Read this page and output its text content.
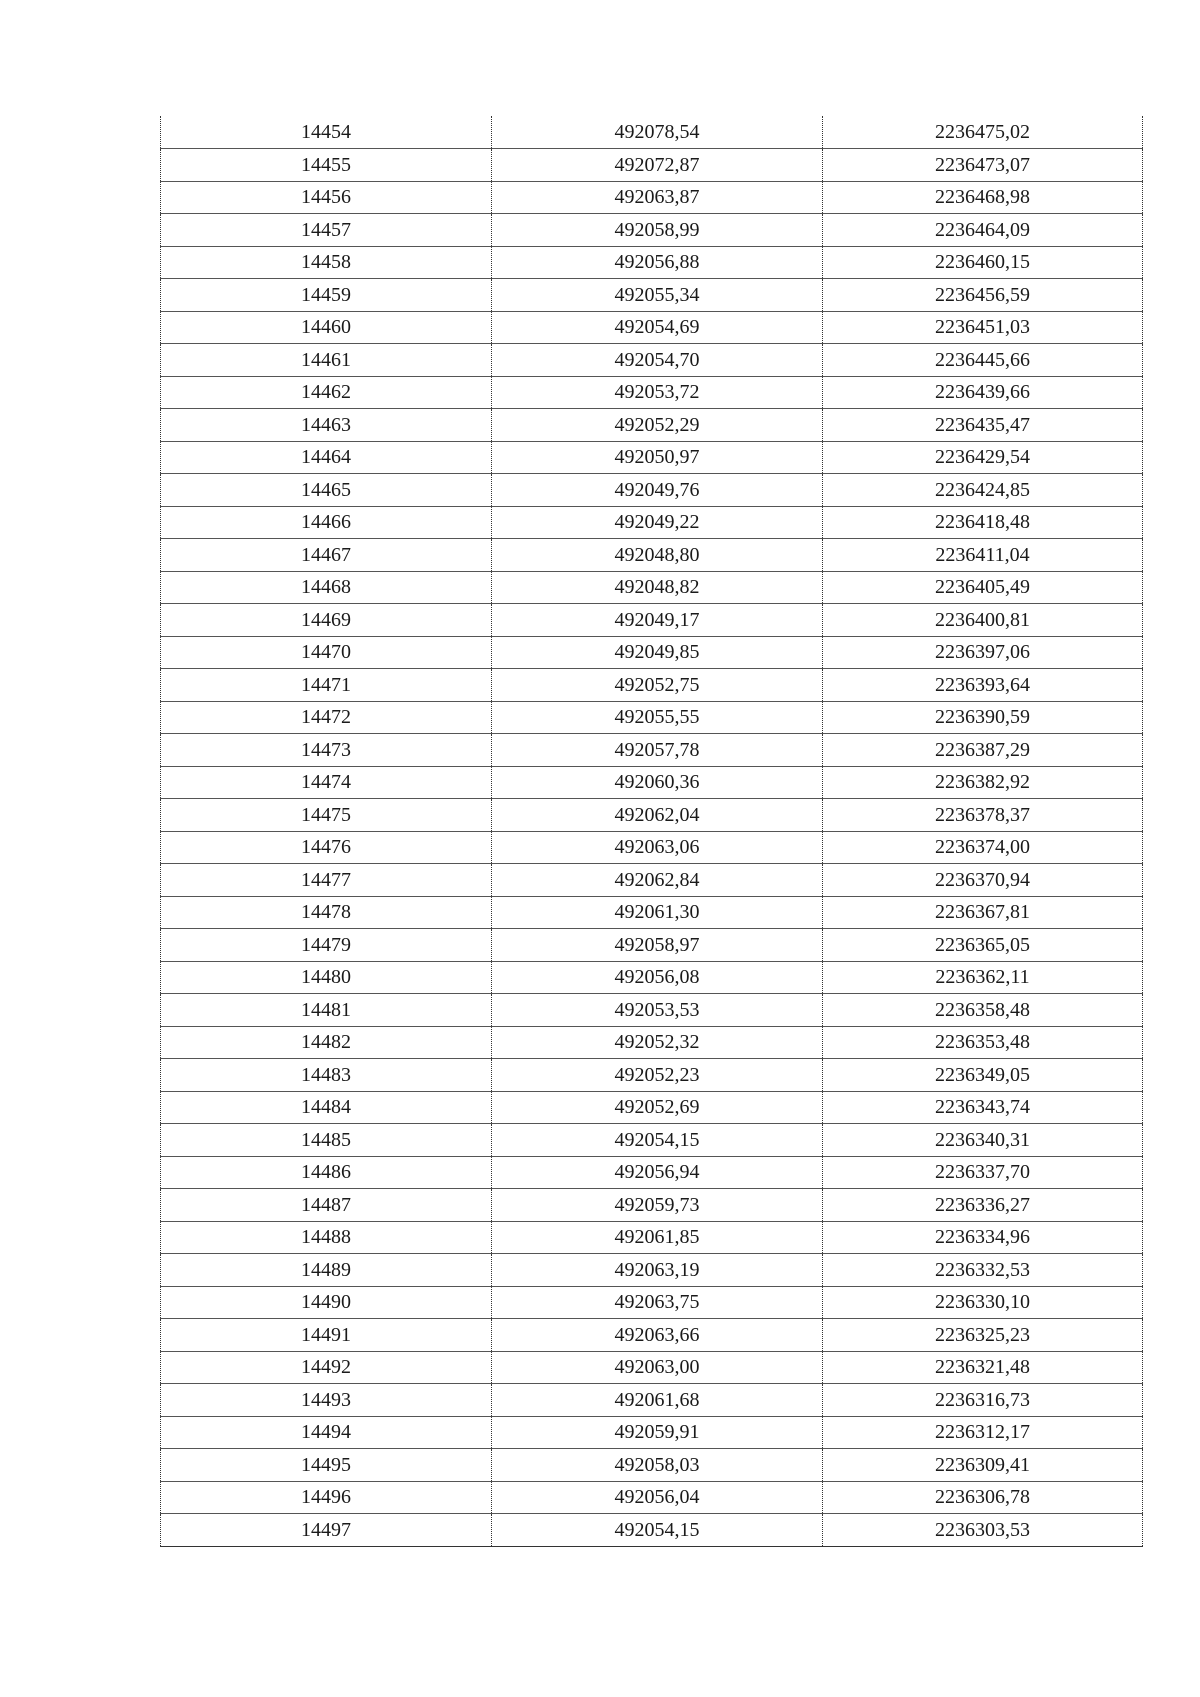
14454	492078,54	2236475,02
14455	492072,87	2236473,07
14456	492063,87	2236468,98
14457	492058,99	2236464,09
14458	492056,88	2236460,15
14459	492055,34	2236456,59
14460	492054,69	2236451,03
14461	492054,70	2236445,66
14462	492053,72	2236439,66
14463	492052,29	2236435,47
14464	492050,97	2236429,54
14465	492049,76	2236424,85
14466	492049,22	2236418,48
14467	492048,80	2236411,04
14468	492048,82	2236405,49
14469	492049,17	2236400,81
14470	492049,85	2236397,06
14471	492052,75	2236393,64
14472	492055,55	2236390,59
14473	492057,78	2236387,29
14474	492060,36	2236382,92
14475	492062,04	2236378,37
14476	492063,06	2236374,00
14477	492062,84	2236370,94
14478	492061,30	2236367,81
14479	492058,97	2236365,05
14480	492056,08	2236362,11
14481	492053,53	2236358,48
14482	492052,32	2236353,48
14483	492052,23	2236349,05
14484	492052,69	2236343,74
14485	492054,15	2236340,31
14486	492056,94	2236337,70
14487	492059,73	2236336,27
14488	492061,85	2236334,96
14489	492063,19	2236332,53
14490	492063,75	2236330,10
14491	492063,66	2236325,23
14492	492063,00	2236321,48
14493	492061,68	2236316,73
14494	492059,91	2236312,17
14495	492058,03	2236309,41
14496	492056,04	2236306,78
14497	492054,15	2236303,53
